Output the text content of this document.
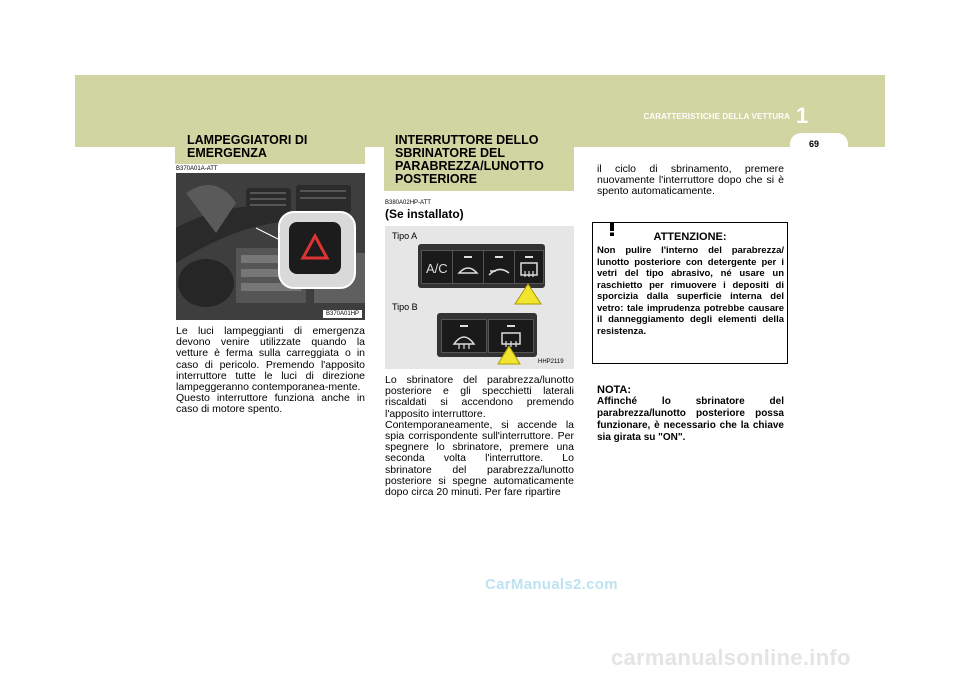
CARATTERISTICHE DELLA VETTURA 1
69
LAMPEGGIATORI DI EMERGENZA
B370A01A-ATT
B370A01HP

Le luci lampeggianti di emergenza devono venire utilizzate quando la vetture è ferma sulla carreggiata o in caso di pericolo. Premendo l'apposito interruttore tutte le luci di direzione lampeggeranno contemporanea-mente.

Questo interruttore funziona anche in caso di motore spento.

INTERRUTTORE DELLO SBRINATORE DEL PARABREZZA/LUNOTTO POSTERIORE
B380A02HP-ATT
(Se installato)
Tipo A
Tipo B
A/C
HHP2119

Lo sbrinatore del parabrezza/lunotto posteriore e gli specchietti laterali riscaldati si accendono premendo l'apposito interruttore.

Contemporaneamente, si accende la spia corrispondente sull'interruttore. Per spegnere lo sbrinatore, premere una seconda volta l'interruttore. Lo sbrinatore del parabrezza/lunotto posteriore si spegne automaticamente dopo circa 20 minuti. Per fare ripartire

il ciclo di sbrinamento, premere nuovamente l'interruttore dopo che si è spento automaticamente.
ATTENZIONE:
Non pulire l'interno del parabrezza/ lunotto posteriore con detergente per i vetri del tipo abrasivo, né usare un raschietto per rimuovere i depositi di sporcizia dalla superficie interna del vetro: tale imprudenza potrebbe causare il danneggiamento degli elementi della resistenza.
NOTA:
Affinché lo sbrinatore del parabrezza/lunotto posteriore possa funzionare, è necessario che la chiave sia girata su "ON".
CarManuals2.com
carmanualsonline.info
